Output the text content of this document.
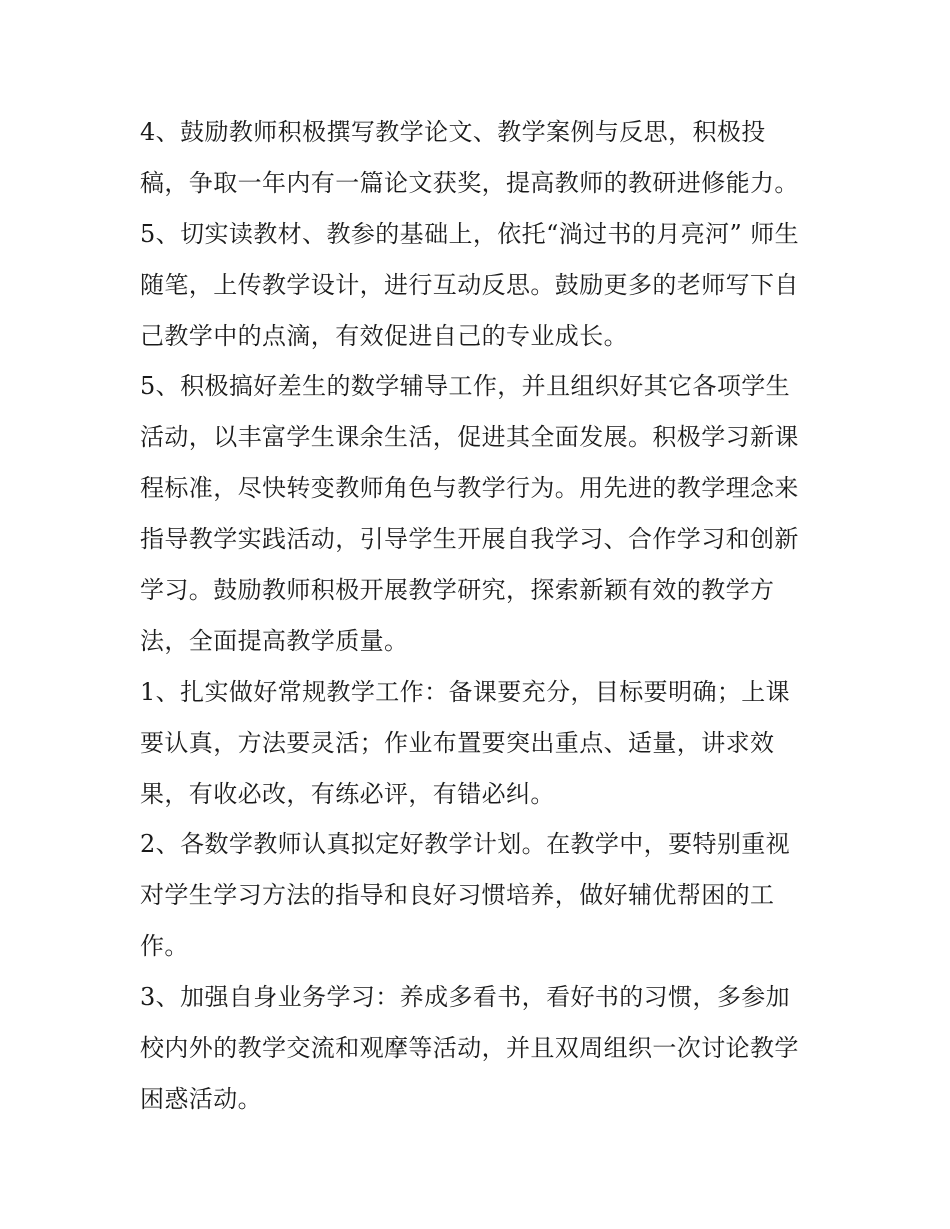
4、鼓励教师积极撰写教学论文、教学案例与反思，积极投
稿，争取一年内有一篇论文获奖，提高教师的教研进修能力。
5、切实读教材、教参的基础上，依托“淌过书的月亮河” 师生
随笔，上传教学设计，进行互动反思。鼓励更多的老师写下自
己教学中的点滴，有效促进自己的专业成长。
5、积极搞好差生的数学辅导工作，并且组织好其它各项学生
活动，以丰富学生课余生活，促进其全面发展。积极学习新课
程标准，尽快转变教师角色与教学行为。用先进的教学理念来
指导教学实践活动，引导学生开展自我学习、合作学习和创新
学习。鼓励教师积极开展教学研究，探索新颖有效的教学方
法，全面提高教学质量。
1、扎实做好常规教学工作：备课要充分，目标要明确；上课
要认真，方法要灵活；作业布置要突出重点、适量，讲求效
果，有收必改，有练必评，有错必纠。
2、各数学教师认真拟定好教学计划。在教学中，要特别重视
对学生学习方法的指导和良好习惯培养，做好辅优帮困的工
作。
3、加强自身业务学习：养成多看书，看好书的习惯，多参加
校内外的教学交流和观摩等活动，并且双周组织一次讨论教学
困惑活动。
